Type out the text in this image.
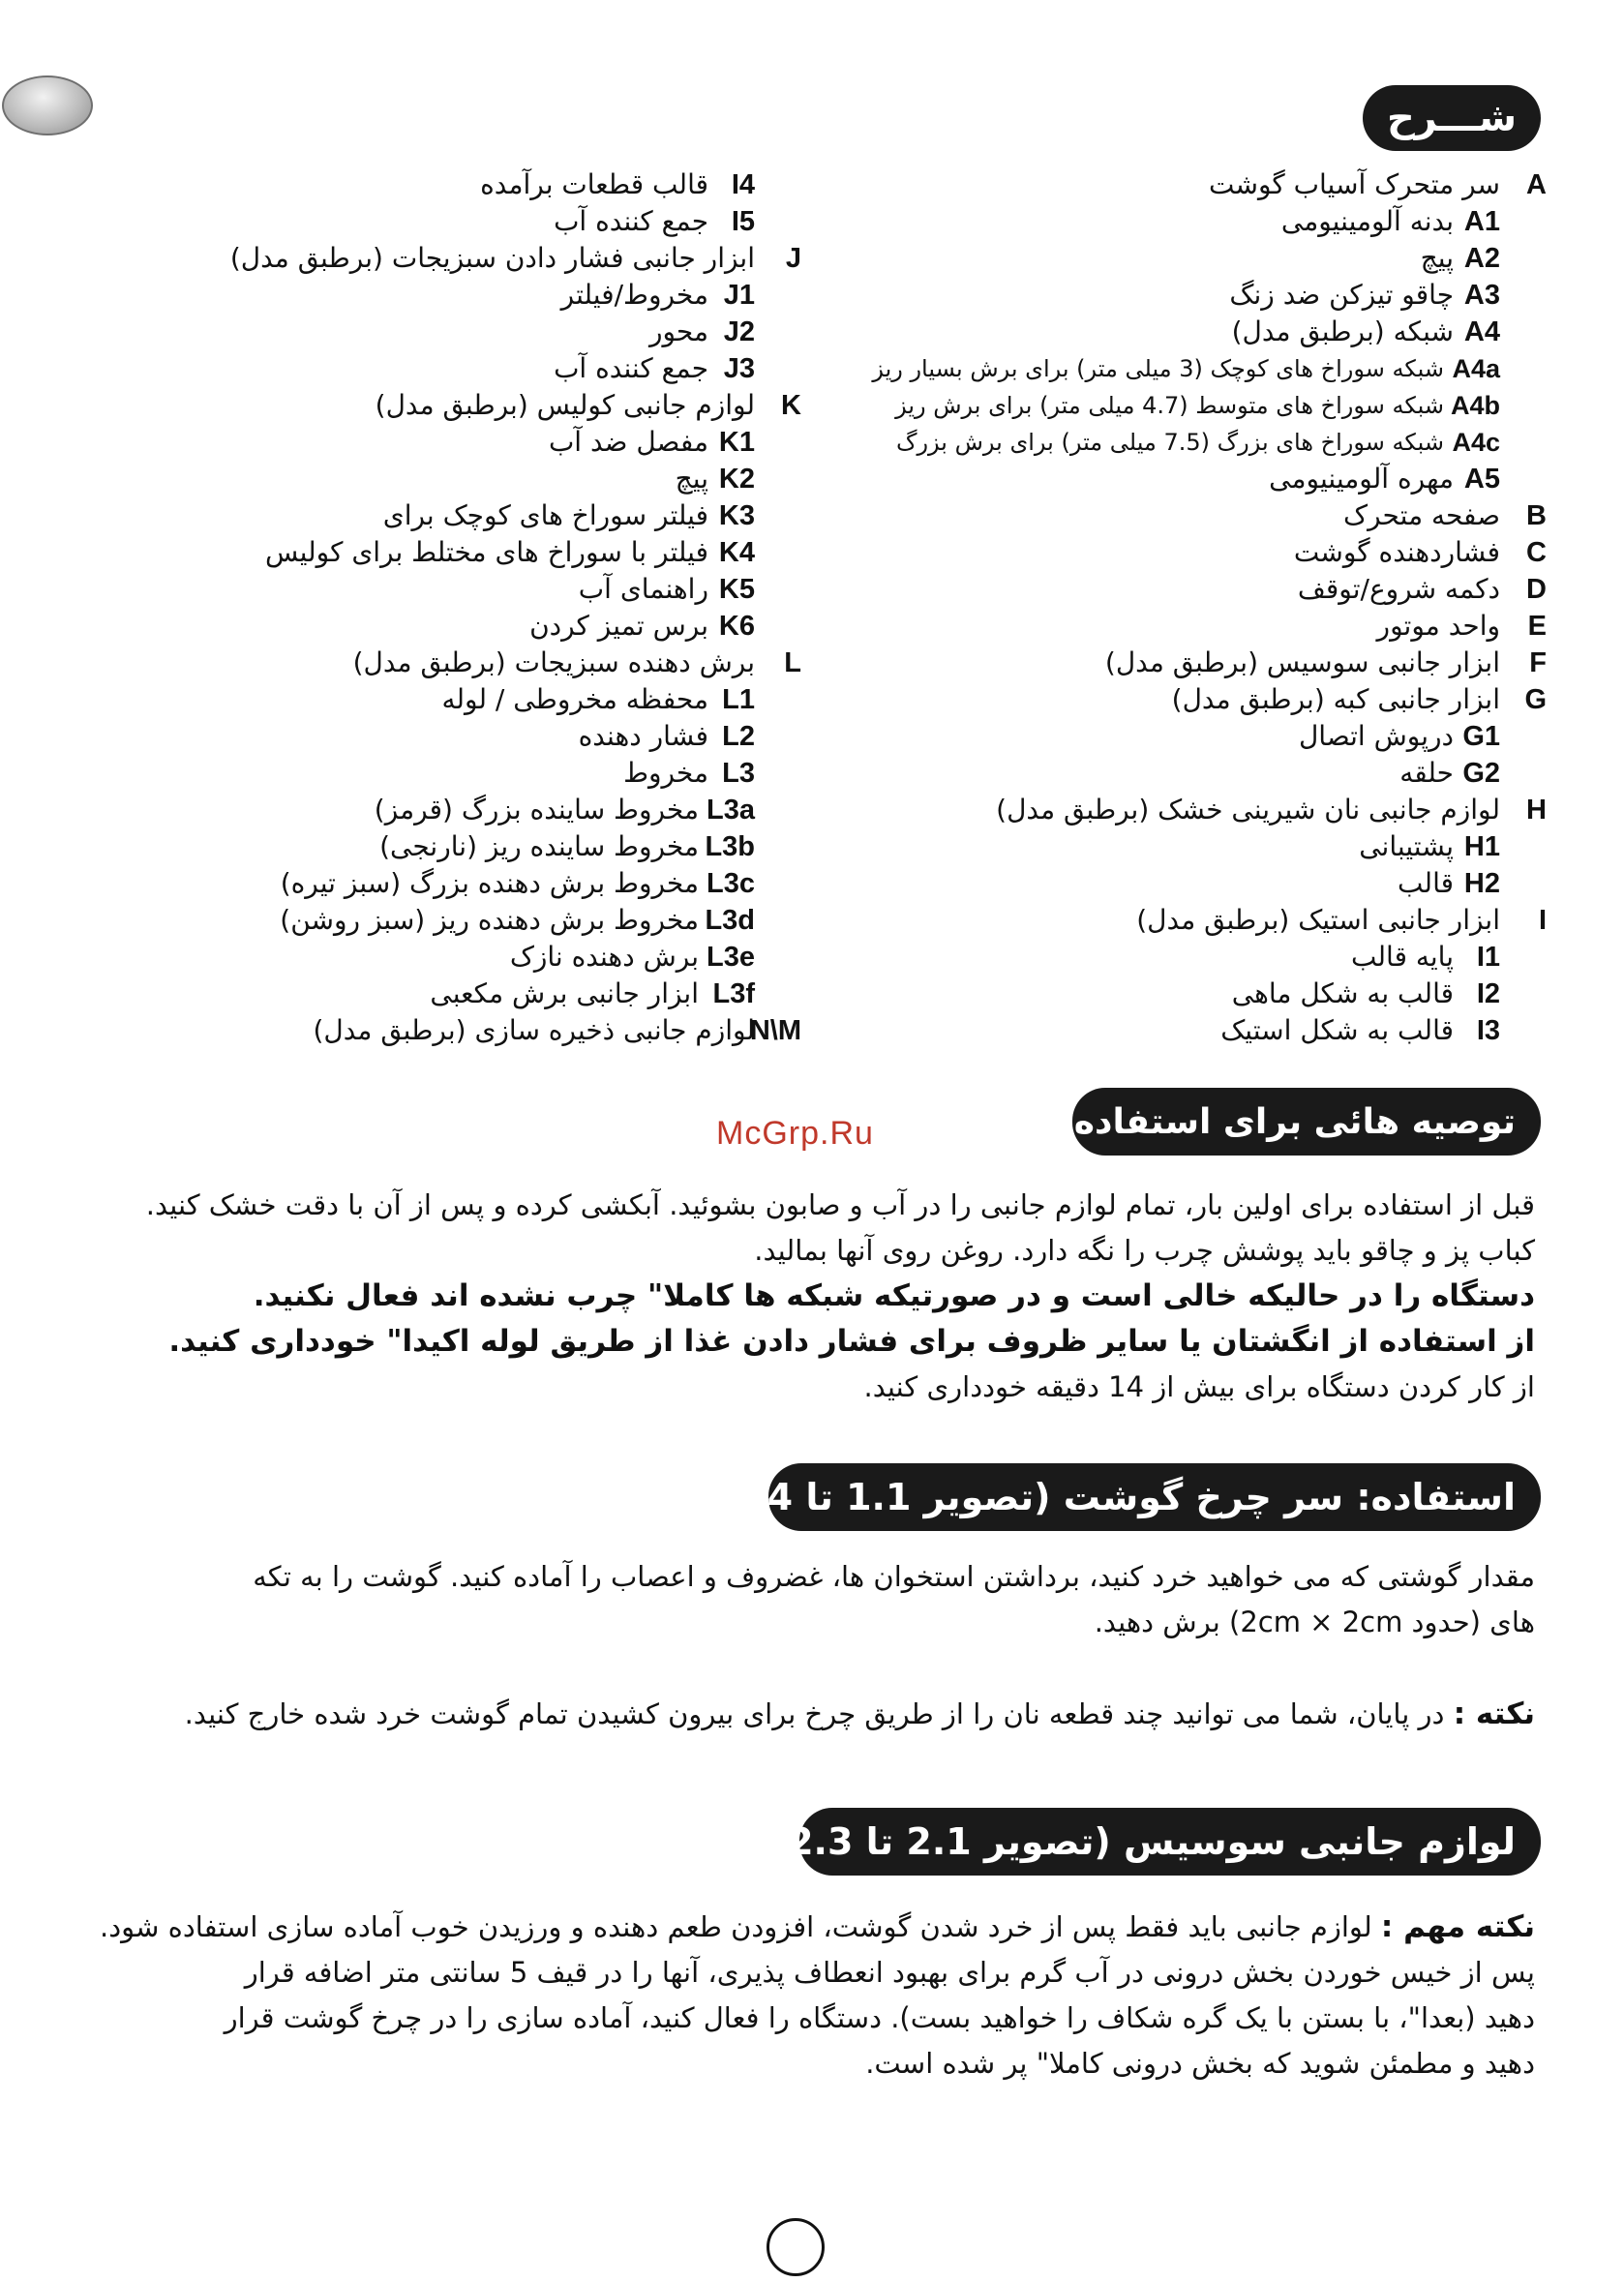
شـــرح
A
سر متحرک آسیاب گوشت
A1
بدنه آلومینیومی
A2
پیچ
A3
چاقو تیزکن ضد زنگ
A4
شبکه (برطبق مدل)
A4a
شبکه سوراخ های کوچک (3 میلی متر) برای برش بسیار ریز
A4b
شبکه سوراخ های متوسط (4.7 میلی متر) برای برش ریز
A4c
شبکه سوراخ های بزرگ (7.5 میلی متر) برای برش بزرگ
A5
مهره آلومینیومی
B
صفحه متحرک
C
فشاردهنده گوشت
D
دکمه شروع/توقف
E
واحد موتور
F
ابزار جانبی سوسیس (برطبق مدل)
G
ابزار جانبی کبه (برطبق مدل)
G1
درپوش اتصال
G2
حلقه
H
لوازم جانبی نان شیرینی خشک (برطبق مدل)
H1
پشتیبانی
H2
قالب
I
ابزار جانبی استیک (برطبق مدل)
I1
پایه قالب
I2
قالب به شکل ماهی
I3
قالب به شکل استیک
I4
قالب قطعات برآمده
I5
جمع کننده آب
J
ابزار جانبی فشار دادن سبزیجات (برطبق مدل)
J1
مخروط/فیلتر
J2
محور
J3
جمع کننده آب
K
لوازم جانبی کولیس (برطبق مدل)
K1
مفصل ضد آب
K2
پیچ
K3
فیلتر سوراخ های کوچک برای
K4
فیلتر با سوراخ های مختلط برای کولیس
K5
راهنمای آب
K6
برس تمیز کردن
L
برش دهنده سبزیجات (برطبق مدل)
L1
محفظه مخروطی / لوله
L2
فشار دهنده
L3
مخروط
L3a
مخروط ساینده بزرگ (قرمز)
L3b
مخروط ساینده ریز (نارنجی)
L3c
مخروط برش دهنده بزرگ (سبز تیره)
L3d
مخروط برش دهنده ریز (سبز روشن)
L3e
برش دهنده نازک
L3f
ابزار جانبی برش مکعبی
N\M
لوازم جانبی ذخیره سازی (برطبق مدل)
توصیه هائی برای استفاده
McGrp.Ru
قبل از استفاده برای اولین بار، تمام لوازم جانبی را در آب و صابون بشوئید. آبکشی کرده و پس از آن با دقت خشک کنید.
کباب پز و چاقو باید پوشش چرب را نگه دارد. روغن روی آنها بمالید.
دستگاه را در حالیکه خالی است و در صورتیکه شبکه ها کاملا" چرب نشده اند فعال نکنید.
از استفاده از انگشتان یا سایر ظروف برای فشار دادن غذا از طریق لوله اکیدا" خودداری کنید.
از کار کردن دستگاه برای بیش از 14 دقیقه خودداری کنید.
استفاده: سر چرخ گوشت (تصویر 1.1 تا 1.4)
مقدار گوشتی که می خواهید خرد کنید، برداشتن استخوان ها، غضروف و اعصاب را آماده کنید. گوشت را به تکه
های (حدود 2cm × 2cm) برش دهید.
نکته : در پایان، شما می توانید چند قطعه نان را از طریق چرخ برای بیرون کشیدن تمام گوشت خرد شده خارج کنید.
لوازم جانبی سوسیس (تصویر 2.1 تا 2.3)
نکته مهم : لوازم جانبی باید فقط پس از خرد شدن گوشت، افزودن طعم دهنده و ورزیدن خوب آماده سازی استفاده شود.
پس از خیس خوردن بخش درونی در آب گرم برای بهبود انعطاف پذیری، آنها را در قیف 5 سانتی متر اضافه قرار
دهید (بعدا"، با بستن با یک گره شکاف را خواهید بست). دستگاه را فعال کنید، آماده سازی را در چرخ گوشت قرار
دهید و مطمئن شوید که بخش درونی کاملا" پر شده است.
